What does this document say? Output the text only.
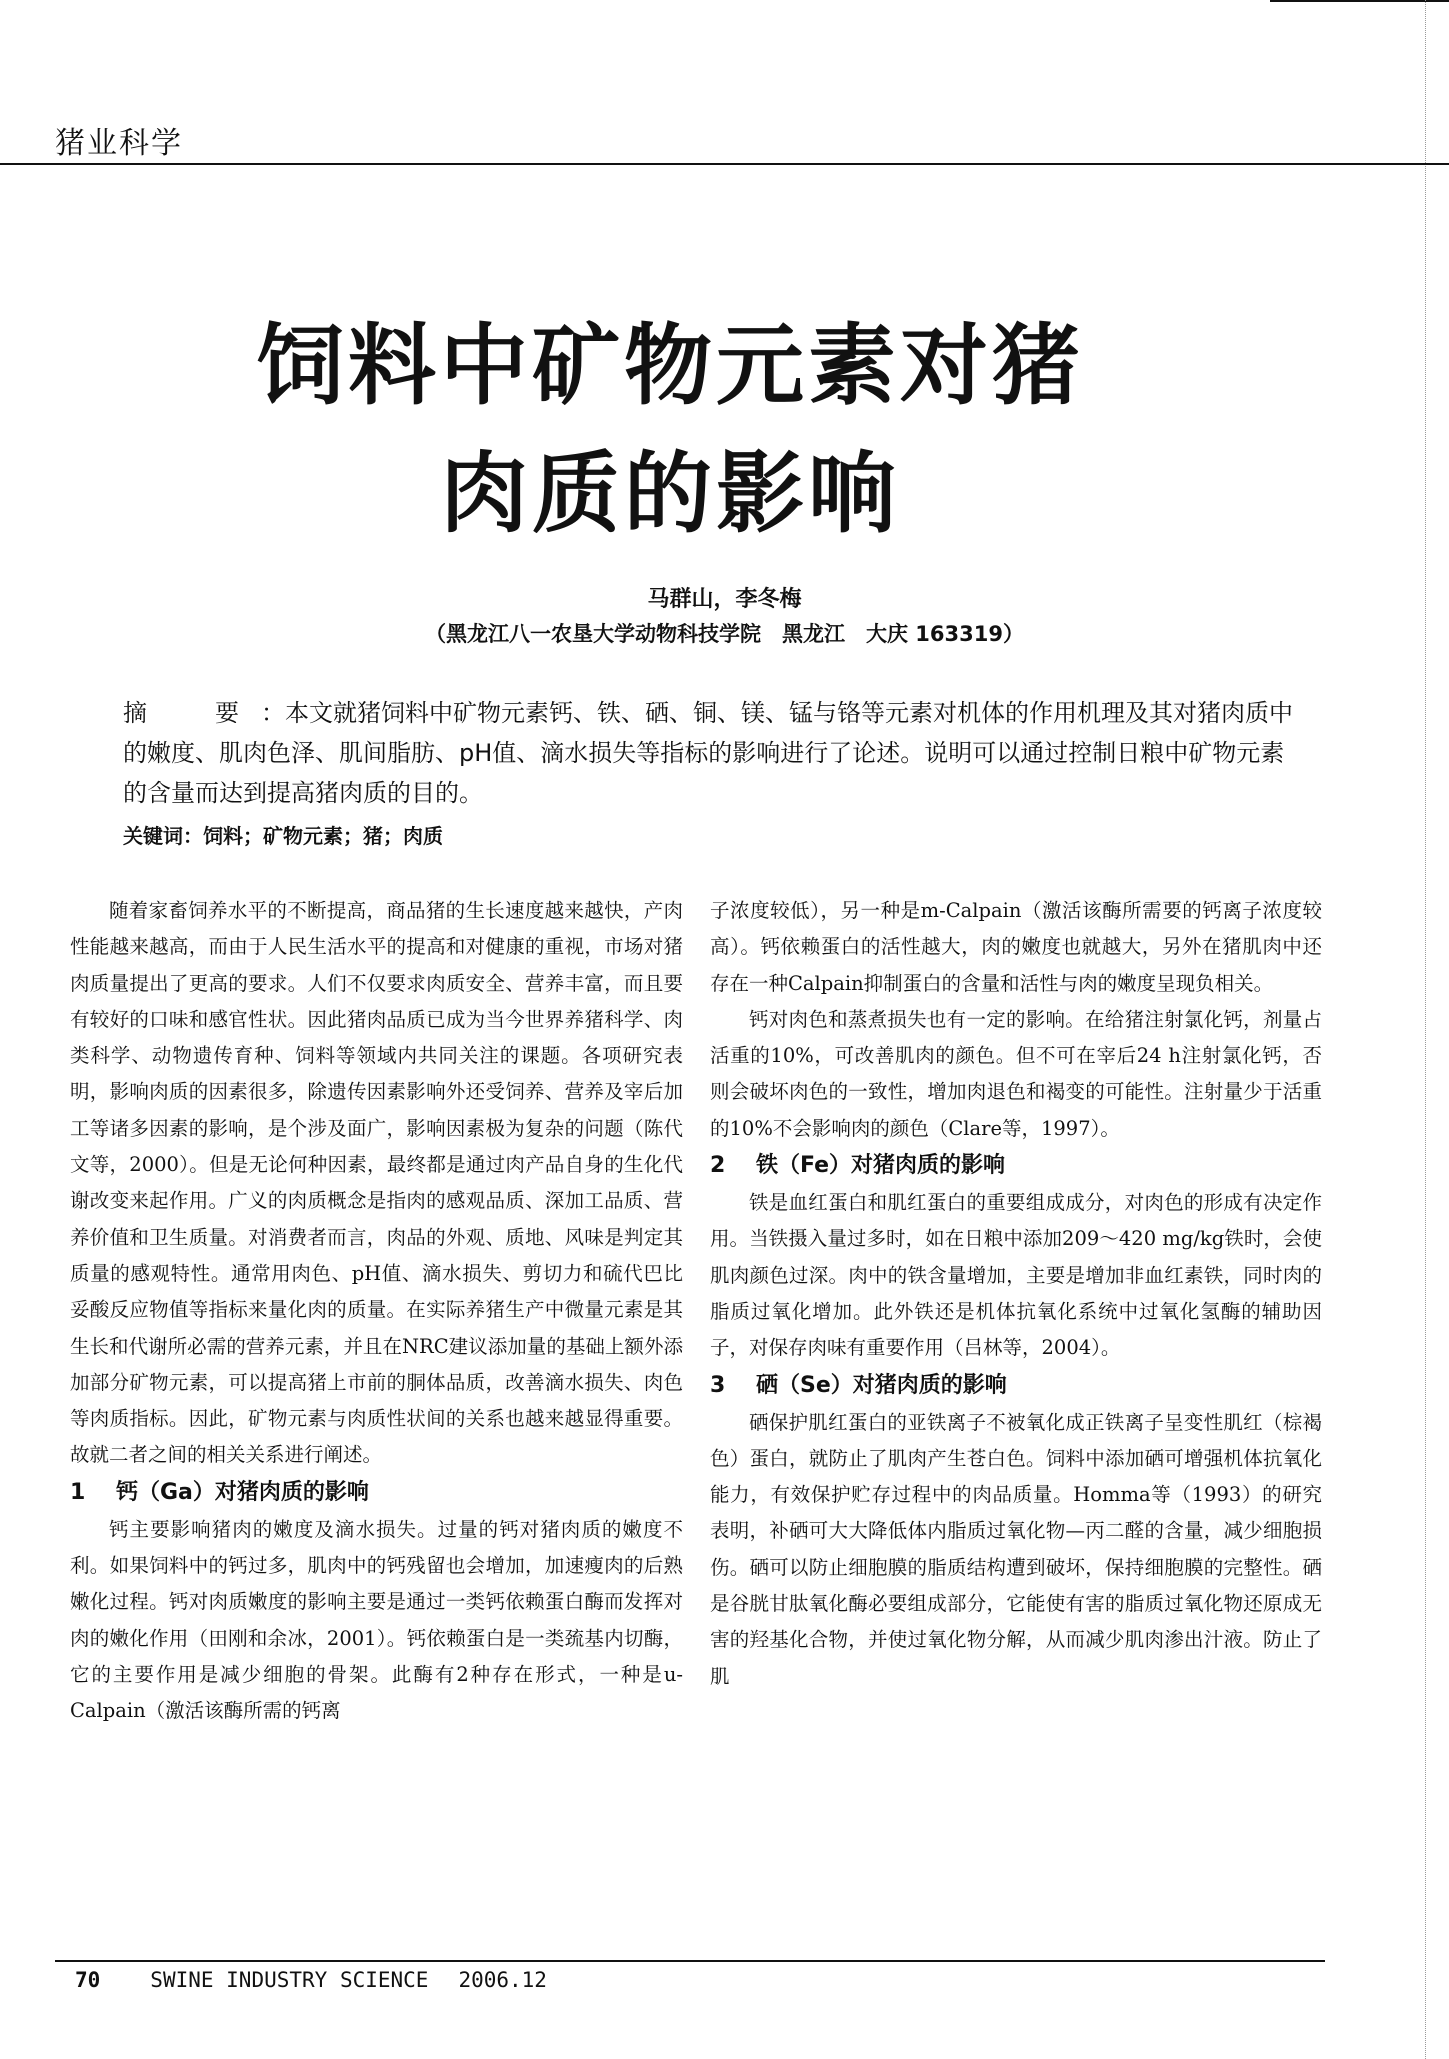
猪业科学
饲料中矿物元素对猪
肉质的影响
马群山，李冬梅
（黑龙江八一农垦大学动物科技学院　黑龙江　大庆 163319）
摘　要：本文就猪饲料中矿物元素钙、铁、硒、铜、镁、锰与铬等元素对机体的作用机理及其对猪肉质中的嫩度、肌肉色泽、肌间脂肪、pH值、滴水损失等指标的影响进行了论述。说明可以通过控制日粮中矿物元素的含量而达到提高猪肉质的目的。
关键词：饲料；矿物元素；猪；肉质

随着家畜饲养水平的不断提高，商品猪的生长速度越来越快，产肉性能越来越高，而由于人民生活水平的提高和对健康的重视，市场对猪肉质量提出了更高的要求。人们不仅要求肉质安全、营养丰富，而且要有较好的口味和感官性状。因此猪肉品质已成为当今世界养猪科学、肉类科学、动物遗传育种、饲料等领域内共同关注的课题。各项研究表明，影响肉质的因素很多，除遗传因素影响外还受饲养、营养及宰后加工等诸多因素的影响，是个涉及面广，影响因素极为复杂的问题（陈代文等，2000）。但是无论何种因素，最终都是通过肉产品自身的生化代谢改变来起作用。广义的肉质概念是指肉的感观品质、深加工品质、营养价值和卫生质量。对消费者而言，肉品的外观、质地、风味是判定其质量的感观特性。通常用肉色、pH值、滴水损失、剪切力和硫代巴比妥酸反应物值等指标来量化肉的质量。在实际养猪生产中微量元素是其生长和代谢所必需的营养元素，并且在NRC建议添加量的基础上额外添加部分矿物元素，可以提高猪上市前的胴体品质，改善滴水损失、肉色等肉质指标。因此，矿物元素与肉质性状间的关系也越来越显得重要。故就二者之间的相关关系进行阐述。

1 钙（Ga）对猪肉质的影响

钙主要影响猪肉的嫩度及滴水损失。过量的钙对猪肉质的嫩度不利。如果饲料中的钙过多，肌肉中的钙残留也会增加，加速瘦肉的后熟嫩化过程。钙对肉质嫩度的影响主要是通过一类钙依赖蛋白酶而发挥对肉的嫩化作用（田刚和余冰，2001）。钙依赖蛋白是一类巯基内切酶，它的主要作用是减少细胞的骨架。此酶有2种存在形式，一种是u-Calpain（激活该酶所需的钙离

子浓度较低），另一种是m-Calpain（激活该酶所需要的钙离子浓度较高）。钙依赖蛋白的活性越大，肉的嫩度也就越大，另外在猪肌肉中还存在一种Calpain抑制蛋白的含量和活性与肉的嫩度呈现负相关。

钙对肉色和蒸煮损失也有一定的影响。在给猪注射氯化钙，剂量占活重的10%，可改善肌肉的颜色。但不可在宰后24 h注射氯化钙，否则会破坏肉色的一致性，增加肉退色和褐变的可能性。注射量少于活重的10%不会影响肉的颜色（Clare等，1997）。

2 铁（Fe）对猪肉质的影响

铁是血红蛋白和肌红蛋白的重要组成成分，对肉色的形成有决定作用。当铁摄入量过多时，如在日粮中添加209～420 mg/kg铁时，会使肌肉颜色过深。肉中的铁含量增加，主要是增加非血红素铁，同时肉的脂质过氧化增加。此外铁还是机体抗氧化系统中过氧化氢酶的辅助因子，对保存肉味有重要作用（吕林等，2004）。

3 硒（Se）对猪肉质的影响

硒保护肌红蛋白的亚铁离子不被氧化成正铁离子呈变性肌红（棕褐色）蛋白，就防止了肌肉产生苍白色。饲料中添加硒可增强机体抗氧化能力，有效保护贮存过程中的肉品质量。Homma等（1993）的研究表明，补硒可大大降低体内脂质过氧化物—丙二醛的含量，减少细胞损伤。硒可以防止细胞膜的脂质结构遭到破坏，保持细胞膜的完整性。硒是谷胱甘肽氧化酶必要组成部分，它能使有害的脂质过氧化物还原成无害的羟基化合物，并使过氧化物分解，从而减少肌肉渗出汁液。防止了肌

70 SWINE INDUSTRY SCIENCE 2006.12
